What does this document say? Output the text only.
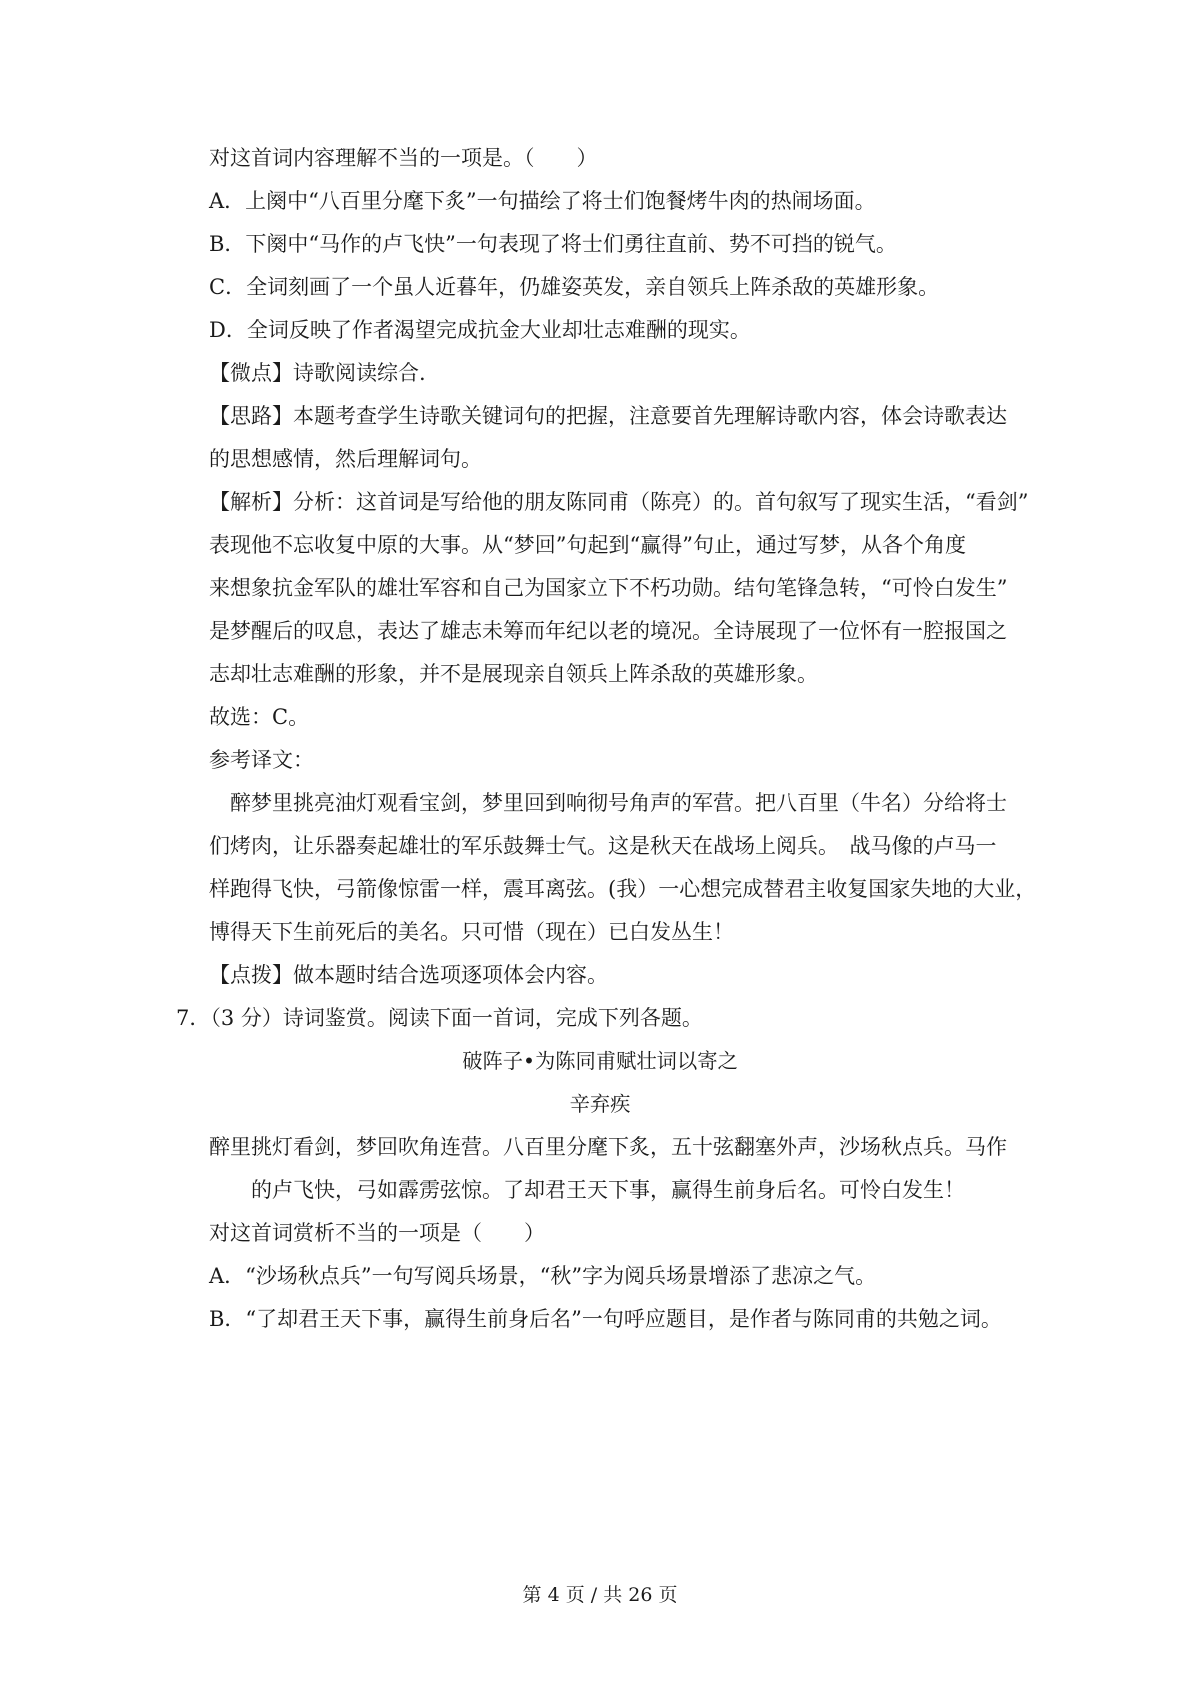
对这首词内容理解不当的一项是。（　　）
A．上阕中“八百里分麾下炙”一句描绘了将士们饱餐烤牛肉的热闹场面。
B．下阕中“马作的卢飞快”一句表现了将士们勇往直前、势不可挡的锐气。
C．全词刻画了一个虽人近暮年，仍雄姿英发，亲自领兵上阵杀敌的英雄形象。
D．全词反映了作者渴望完成抗金大业却壮志难酬的现实。
【微点】诗歌阅读综合.
【思路】本题考查学生诗歌关键词句的把握，注意要首先理解诗歌内容，体会诗歌表达
的思想感情，然后理解词句。
【解析】分析：这首词是写给他的朋友陈同甫（陈亮）的。首句叙写了现实生活，“看剑”
表现他不忘收复中原的大事。从“梦回”句起到“赢得”句止，通过写梦，从各个角度
来想象抗金军队的雄壮军容和自己为国家立下不朽功勋。结句笔锋急转，“可怜白发生”
是梦醒后的叹息，表达了雄志未筹而年纪以老的境况。全诗展现了一位怀有一腔报国之
志却壮志难酬的形象，并不是展现亲自领兵上阵杀敌的英雄形象。
故选：C。
参考译文：
　醉梦里挑亮油灯观看宝剑，梦里回到响彻号角声的军营。把八百里（牛名）分给将士
们烤肉，让乐器奏起雄壮的军乐鼓舞士气。这是秋天在战场上阅兵。　战马像的卢马一
样跑得飞快，弓箭像惊雷一样，震耳离弦。(我）一心想完成替君主收复国家失地的大业，
博得天下生前死后的美名。只可惜（现在）已白发丛生！
【点拨】做本题时结合选项逐项体会内容。
7．（3 分）诗词鉴赏。阅读下面一首词，完成下列各题。
破阵子•为陈同甫赋壮词以寄之
辛弃疾
醉里挑灯看剑，梦回吹角连营。八百里分麾下炙，五十弦翻塞外声，沙场秋点兵。马作
的卢飞快，弓如霹雳弦惊。了却君王天下事，赢得生前身后名。可怜白发生！
对这首词赏析不当的一项是（　　）
A．“沙场秋点兵”一句写阅兵场景，“秋”字为阅兵场景增添了悲凉之气。
B．“了却君王天下事，赢得生前身后名”一句呼应题目，是作者与陈同甫的共勉之词。
第 4 页 / 共 26 页
